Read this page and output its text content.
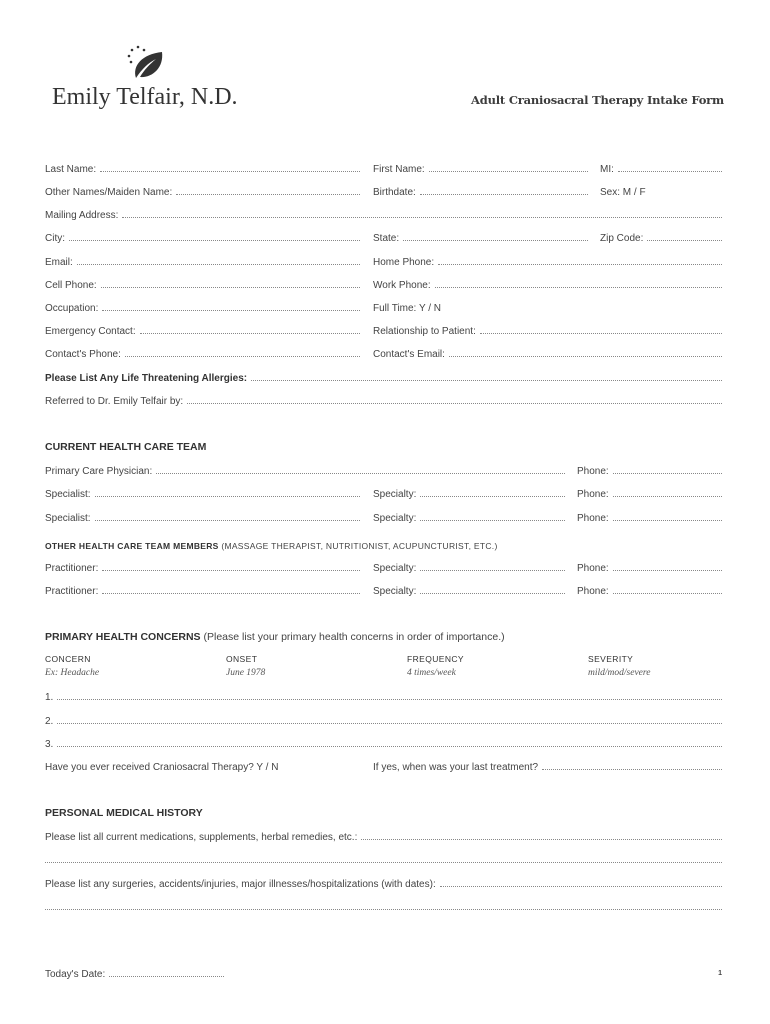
Emily Telfair, N.D.	Adult Craniosacral Therapy Intake Form
Last Name:	First Name:	MI:
Other Names/Maiden Name:	Birthdate:	Sex: M / F
Mailing Address:
City:	State:	Zip Code:
Email:	Home Phone:
Cell Phone:	Work Phone:
Occupation:	Full Time: Y / N
Emergency Contact:	Relationship to Patient:
Contact's Phone:	Contact's Email:
Please List Any Life Threatening Allergies:
Referred to Dr. Emily Telfair by:
CURRENT HEALTH CARE TEAM
Primary Care Physician:	Phone:
Specialist:	Specialty:	Phone:
Specialist:	Specialty:	Phone:
OTHER HEALTH CARE TEAM MEMBERS (MASSAGE THERAPIST, NUTRITIONIST, ACUPUNCTURIST, ETC.)
Practitioner:	Specialty:	Phone:
Practitioner:	Specialty:	Phone:
PRIMARY HEALTH CONCERNS (Please list your primary health concerns in order of importance.)
CONCERN	ONSET	FREQUENCY	SEVERITY
Ex: Headache	June 1978	4 times/week	mild/mod/severe
1.
2.
3.
Have you ever received Craniosacral Therapy? Y / N	If yes, when was your last treatment?
PERSONAL MEDICAL HISTORY
Please list all current medications, supplements, herbal remedies, etc.:
Please list any surgeries, accidents/injuries, major illnesses/hospitalizations (with dates):
Today's Date:	1
